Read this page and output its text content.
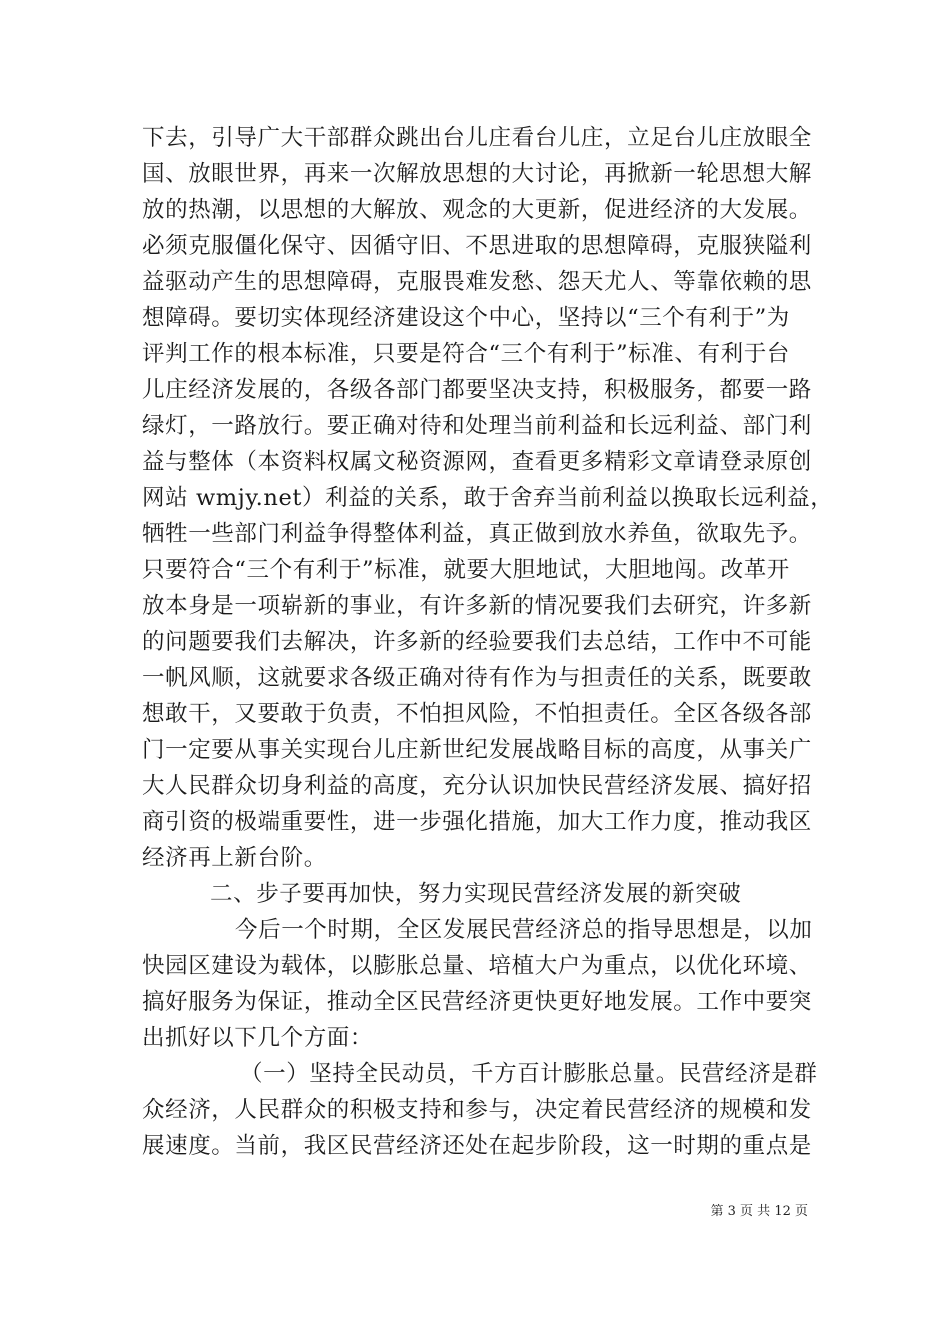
下去，引导广大干部群众跳出台儿庄看台儿庄，立足台儿庄放眼全
国、放眼世界，再来一次解放思想的大讨论，再掀新一轮思想大解
放的热潮，以思想的大解放、观念的大更新，促进经济的大发展。
必须克服僵化保守、因循守旧、不思进取的思想障碍，克服狭隘利
益驱动产生的思想障碍，克服畏难发愁、怨天尤人、等靠依赖的思
想障碍。要切实体现经济建设这个中心，坚持以“三个有利于”为
评判工作的根本标准，只要是符合“三个有利于”标准、有利于台
儿庄经济发展的，各级各部门都要坚决支持，积极服务，都要一路
绿灯，一路放行。要正确对待和处理当前利益和长远利益、部门利
益与整体（本资料权属文秘资源网，查看更多精彩文章请登录原创
网站 wmjy.net）利益的关系，敢于舍弃当前利益以换取长远利益，
牺牲一些部门利益争得整体利益，真正做到放水养鱼，欲取先予。
只要符合“三个有利于”标准，就要大胆地试，大胆地闯。改革开
放本身是一项崭新的事业，有许多新的情况要我们去研究，许多新
的问题要我们去解决，许多新的经验要我们去总结，工作中不可能
一帆风顺，这就要求各级正确对待有作为与担责任的关系，既要敢
想敢干，又要敢于负责，不怕担风险，不怕担责任。全区各级各部
门一定要从事关实现台儿庄新世纪发展战略目标的高度，从事关广
大人民群众切身利益的高度，充分认识加快民营经济发展、搞好招
商引资的极端重要性，进一步强化措施，加大工作力度，推动我区
经济再上新台阶。
二、步子要再加快，努力实现民营经济发展的新突破
今后一个时期，全区发展民营经济总的指导思想是，以加
快园区建设为载体，以膨胀总量、培植大户为重点，以优化环境、
搞好服务为保证，推动全区民营经济更快更好地发展。工作中要突
出抓好以下几个方面：
（一）坚持全民动员，千方百计膨胀总量。民营经济是群
众经济，人民群众的积极支持和参与，决定着民营经济的规模和发
展速度。当前，我区民营经济还处在起步阶段，这一时期的重点是
第 3 页 共 12 页
